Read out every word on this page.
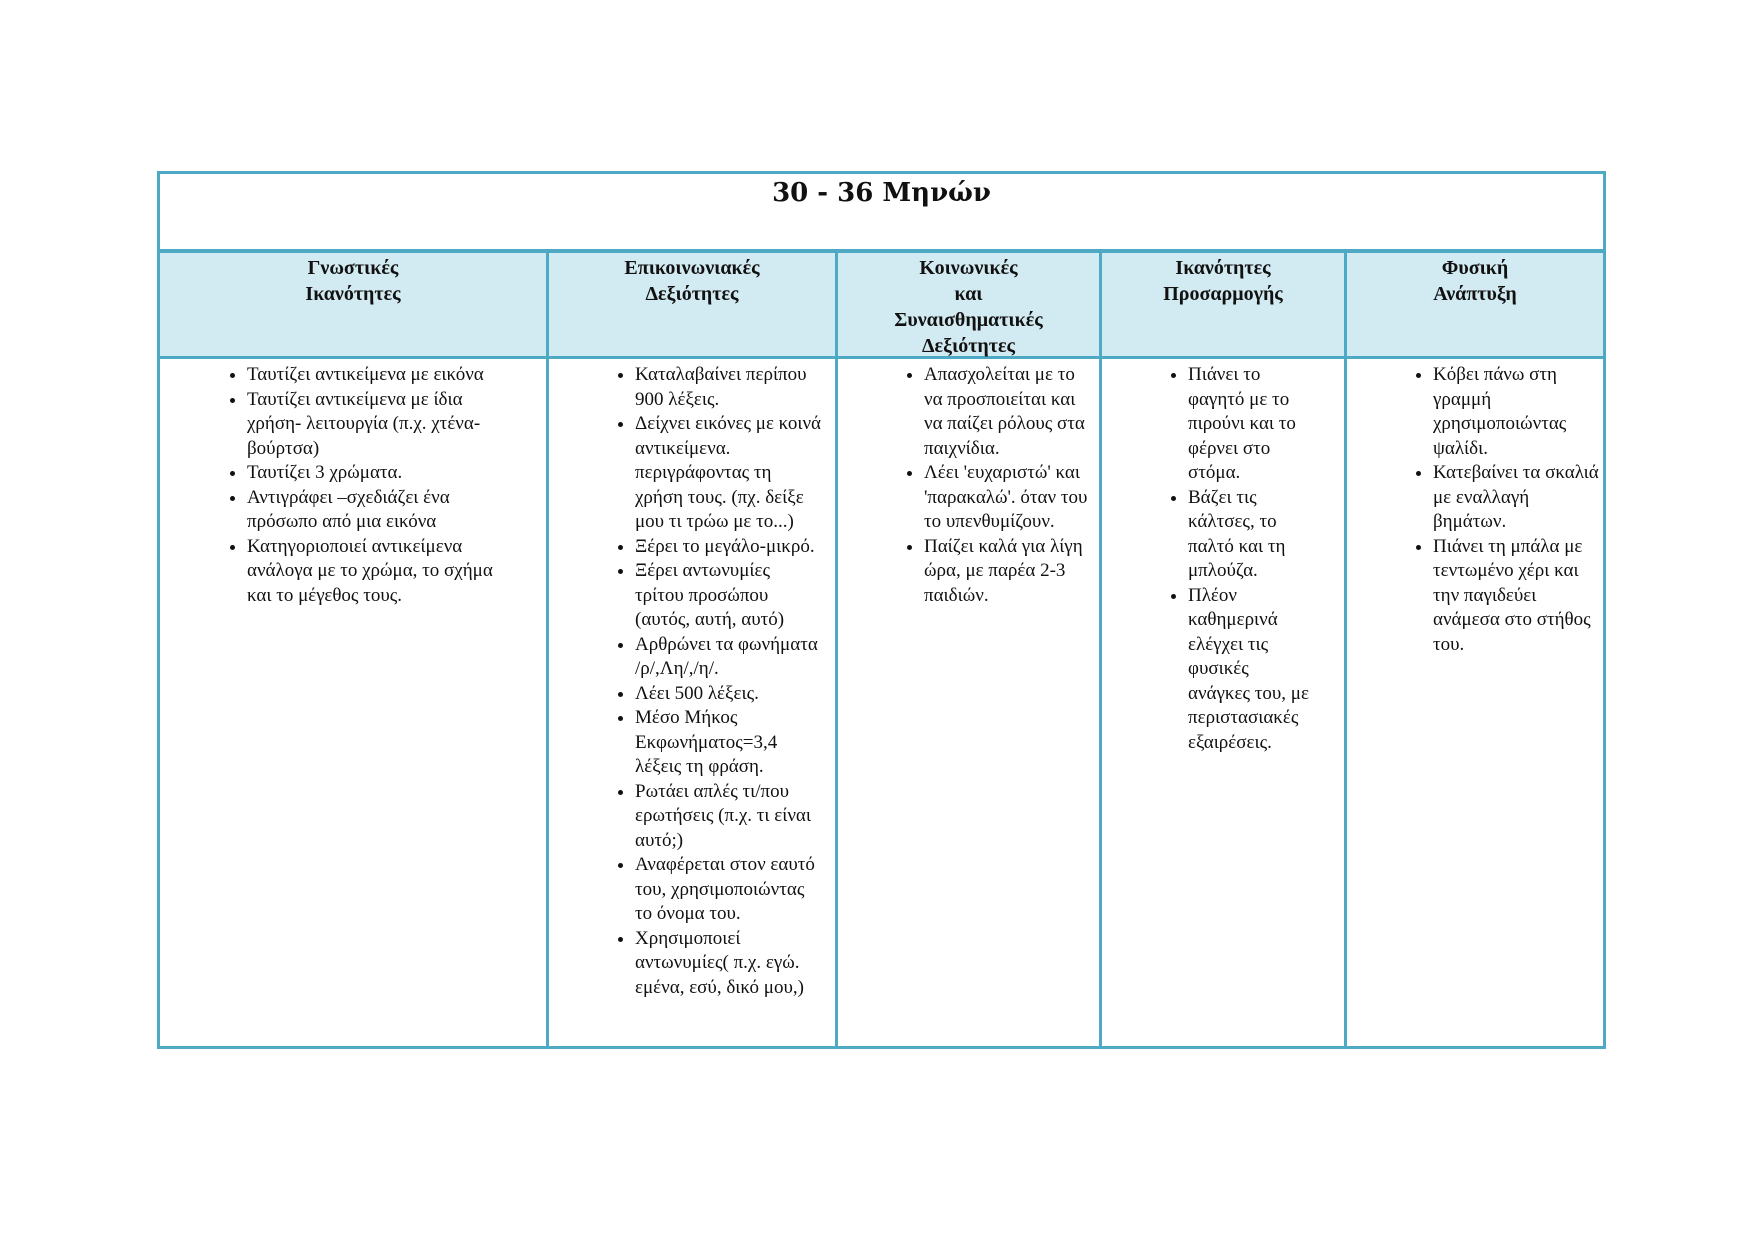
30 - 36 Μηνών
Γνωστικές
Ικανότητες
• Ταυτίζει αντικείμενα με εικόνα
• Ταυτίζει αντικείμενα με ίδια χρήση- λειτουργία (π.χ. χτένα-βούρτσα)
• Ταυτίζει 3 χρώματα.
• Αντιγράφει –σχεδιάζει ένα πρόσωπο από μια εικόνα
• Κατηγοριοποιεί αντικείμενα ανάλογα με το χρώμα, το σχήμα και το μέγεθος τους.
Επικοινωνιακές
Δεξιότητες
• Καταλαβαίνει περίπου 900 λέξεις.
• Δείχνει εικόνες με κοινά αντικείμενα. περιγράφοντας τη χρήση τους. (πχ. δείξε μου τι τρώω με το...)
• Ξέρει το μεγάλο-μικρό.
• Ξέρει αντωνυμίες τρίτου προσώπου (αυτός, αυτή, αυτό)
• Αρθρώνει τα φωνήματα /ρ/,Λη/,/η/.
• Λέει 500 λέξεις.
• Μέσο Μήκος Εκφωνήματος=3,4 λέξεις τη φράση.
• Ρωτάει απλές τι/που ερωτήσεις (π.χ. τι είναι αυτό;)
• Αναφέρεται στον εαυτό του, χρησιμοποιώντας το όνομα του.
• Χρησιμοποιεί αντωνυμίες( π.χ. εγώ. εμένα, εσύ, δικό μου,)
Κοινωνικές
και
Συναισθηματικές
Δεξιότητες
• Απασχολείται με το να προσποιείται και να παίζει ρόλους στα παιχνίδια.
• Λέει 'ευχαριστώ' και 'παρακαλώ'. όταν του το υπενθυμίζουν.
• Παίζει καλά για λίγη ώρα, με παρέα 2-3 παιδιών.
Ικανότητες
Προσαρμογής
• Πιάνει το φαγητό με το πιρούνι και το φέρνει στο στόμα.
• Βάζει τις κάλτσες, το παλτό και τη μπλούζα.
• Πλέον καθημερινά ελέγχει τις φυσικές ανάγκες του, με περιστασιακές εξαιρέσεις.
Φυσική
Ανάπτυξη
• Κόβει πάνω στη γραμμή χρησιμοποιώντας ψαλίδι.
• Κατεβαίνει τα σκαλιά με εναλλαγή βημάτων.
• Πιάνει τη μπάλα με τεντωμένο χέρι και την παγιδεύει ανάμεσα στο στήθος του.
